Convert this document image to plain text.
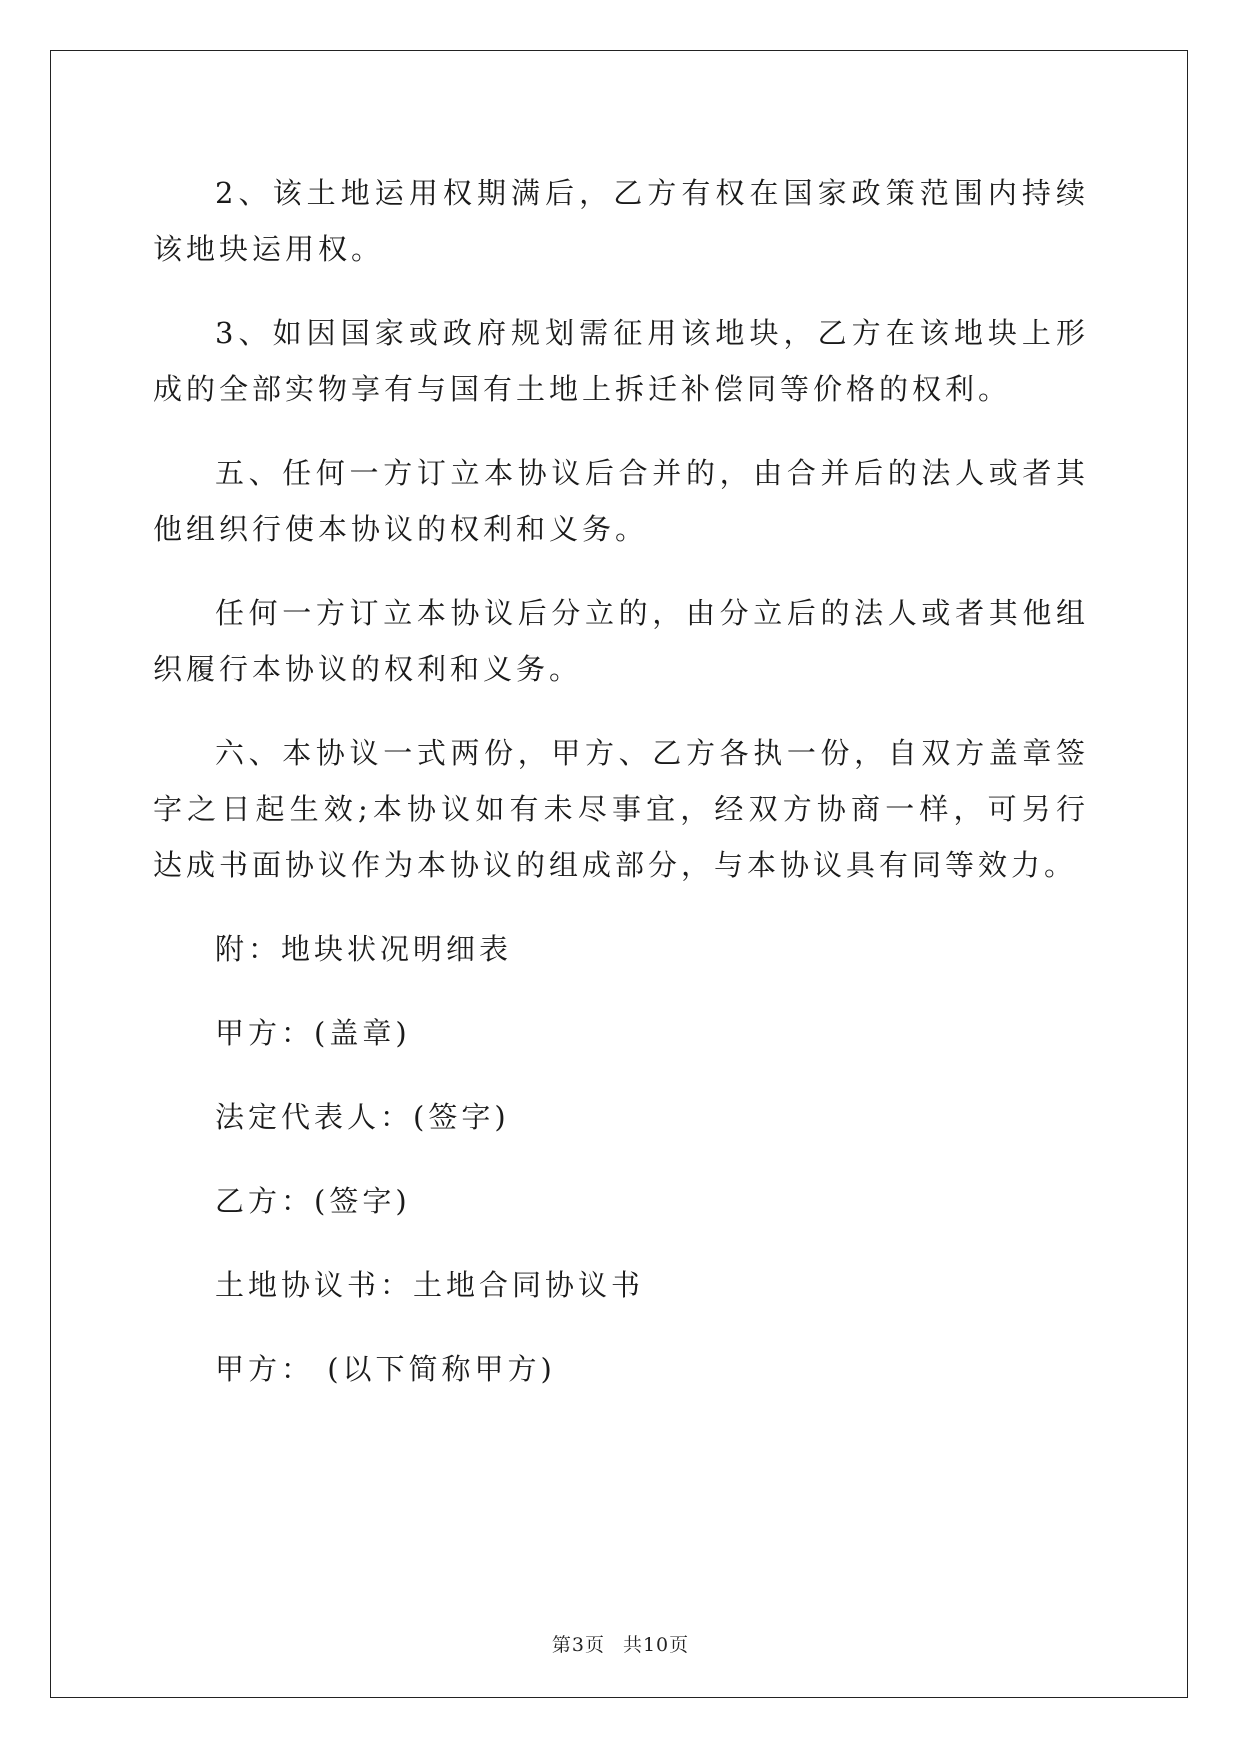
2、该土地运用权期满后，乙方有权在国家政策范围内持续该地块运用权。

3、如因国家或政府规划需征用该地块，乙方在该地块上形成的全部实物享有与国有土地上拆迁补偿同等价格的权利。

五、任何一方订立本协议后合并的，由合并后的法人或者其他组织行使本协议的权利和义务。

任何一方订立本协议后分立的，由分立后的法人或者其他组织履行本协议的权利和义务。

六、本协议一式两份，甲方、乙方各执一份，自双方盖章签字之日起生效;本协议如有未尽事宜，经双方协商一样，可另行达成书面协议作为本协议的组成部分，与本协议具有同等效力。

附：地块状况明细表

甲方：(盖章)

法定代表人：(签字)

乙方：(签字)

土地协议书：土地合同协议书

甲方： (以下简称甲方)

第3页 共10页
